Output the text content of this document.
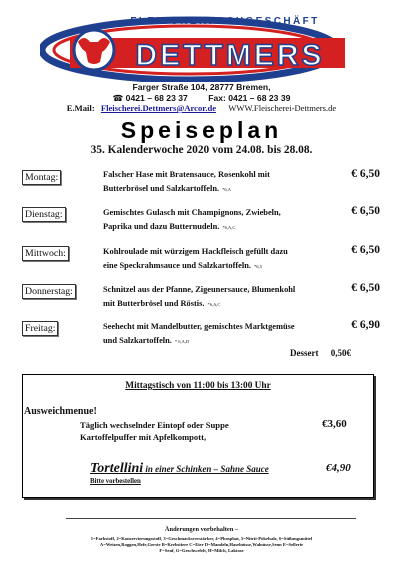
FLEISCHERFACHGESCHÄFT
DETTMERS
Farger Straße 104, 28777 Bremen,
☎ 0421 – 68 23 37 Fax: 0421 – 68 23 39
E.Mail: Fleischerei.Dettmers@Arcor.de WWW.Fleischerei-Dettmers.de
Speiseplan
35. Kalenderwoche 2020 vom 24.08. bis 28.08.
Montag:	Falscher Hase mit Bratensauce, Rosenkohl mit
Butterbrösel und Salzkartoffeln. *6,A
€ 6,50
Dienstag:	Gemischtes Gulasch mit Champignons, Zwiebeln,
Paprika und dazu Butternudeln. *6,A,C
€ 6,50
Mittwoch:	Kohlroulade mit würzigem Hackfleisch gefüllt dazu
eine Speckrahmsauce und Salzkartoffeln. *6,5
€ 6,50
Donnerstag:	Schnitzel aus der Pfanne, Zigeunersauce, Blumenkohl
mit Butterbrösel und Röstis. *6,A,C
€ 6,50
Freitag:	Seehecht mit Mandelbutter, gemischtes Marktgemüse
und Salzkartoffeln. * 6,A,D
€ 6,90
Dessert 0,50€
Mittagstisch von 11:00 bis 13:00 Uhr
Ausweichmenue!
Täglich wechselnder Eintopf oder Suppe
Kartoffelpuffer mit Apfelkompott,
€3,60
Tortellini in einer Schinken – Sahne Sauce	€4,90
Bitte vorbestellen
Änderungen vorbehalten –
1=Farbstoff, 2=Konservierungsstoff, 3=Geschmacksverstärker, 4=Phosphat, 5=Nitrit-Pökelsalz, 6=Süßungsmittel
A=Weizen,Roggen,Hefe,Gerste B=Krebstiere C=Eier D=Mandeln,Haselnüsse,Walnüsse,Senn E=Sellerie
F=Senf, G=Geschwefelt, H=Milch, Laktose
